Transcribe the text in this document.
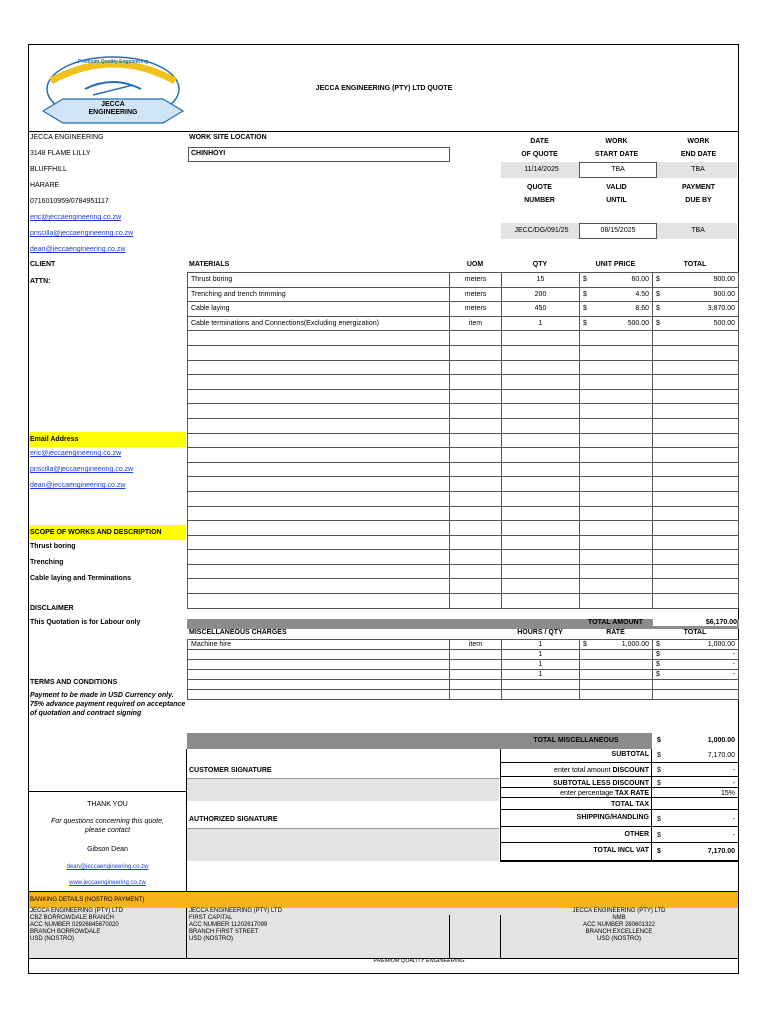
Premium Quality Engineering
JECCA
ENGINEERING
JECCA ENGINEERING (PTY) LTD QUOTE
JECCA ENGINEERING
3148 FLAME LILLY
BLUFFHILL
HARARE
0716010959/0784951117
eric@jeccaengineering.co.zw
priscilla@jeccaengineering.co.zw
dean@jeccaengineering.co.zw
CLIENT
ATTN:
WORK SITE LOCATION
CHINHOYI
DATE
OF QUOTE
WORK
START DATE
WORK
END DATE
11/14/2025	TBA	TBA
QUOTE
NUMBER
VALID
UNTIL
PAYMENT
DUE BY
JECC/DG/091/25	08/15/2025	TBA
MATERIALS	UOM	QTY	UNIT PRICE	TOTAL
Thrust boring	meters	15	$ 60.00	$ 900.00

Trenching and trench trimming	meters	200	$ 4.50	$ 900.00

Cable laying	meters	450	$ 8.60	$ 3,870.00

Cable terminations and Connections(Excluding energization)	item	1	$ 500.00	$ 500.00

Email Address
eric@jeccaengineering.co.zw
priscilla@jeccaengineering.co.zw
dean@jeccaengineering.co.zw
SCOPE OF WORKS AND DESCRIPTION
Thrust boring
Trenching
Cable laying and Terminations
DISCLAIMER
This Quotation is for Labour only
TERMS AND CONDITIONS
Payment to be made in USD Currency only. 75% advance payment required on acceptance of quotation and contract signing
TOTAL AMOUNT	$6,170.00
MISCELLANEOUS CHARGES	HOURS / QTY	RATE	TOTAL
Machine hire	item	1	$ 1,000.00	$ 1,000.00

		1		$ -

		1		$ -

		1		$ -

TOTAL MISCELLANEOUS	$	1,000.00
SUBTOTAL $	7,170.00
enter total amount DISCOUNT $	-
SUBTOTAL LESS DISCOUNT $	-
enter percentage TAX RATE	15%
TOTAL TAX
SHIPPING/HANDLING $	-
OTHER $	-
TOTAL INCL VAT $	7,170.00
CUSTOMER SIGNATURE
AUTHORIZED SIGNATURE
THANK YOU
For questions concerning this quote,
please contact
Gibson Dean
dean@jeccaengineering.co.zw
www.jeccaengineering.co.zw
BANKING DETAILS (NOSTRO PAYMENT)
JECCA ENGINEERING (PTY) LTD
CBZ BORROWDALE BRANCH
ACC NUMBER 02926845670020
BRANCH BORROWDALE
USD (NOSTRO)
JECCA ENGINEERING (PTY) LTD
FIRST CAPITAL
ACC NUMBER 11202617099
BRANCH FIRST STREET
USD (NOSTRO)
JECCA ENGINEERING (PTY) LTD
NMB
ACC NUMBER 280601322
BRANCH:EXCELLENCE
USD (NOSTRO)
PREMIUM QUALITY ENGINEERING
